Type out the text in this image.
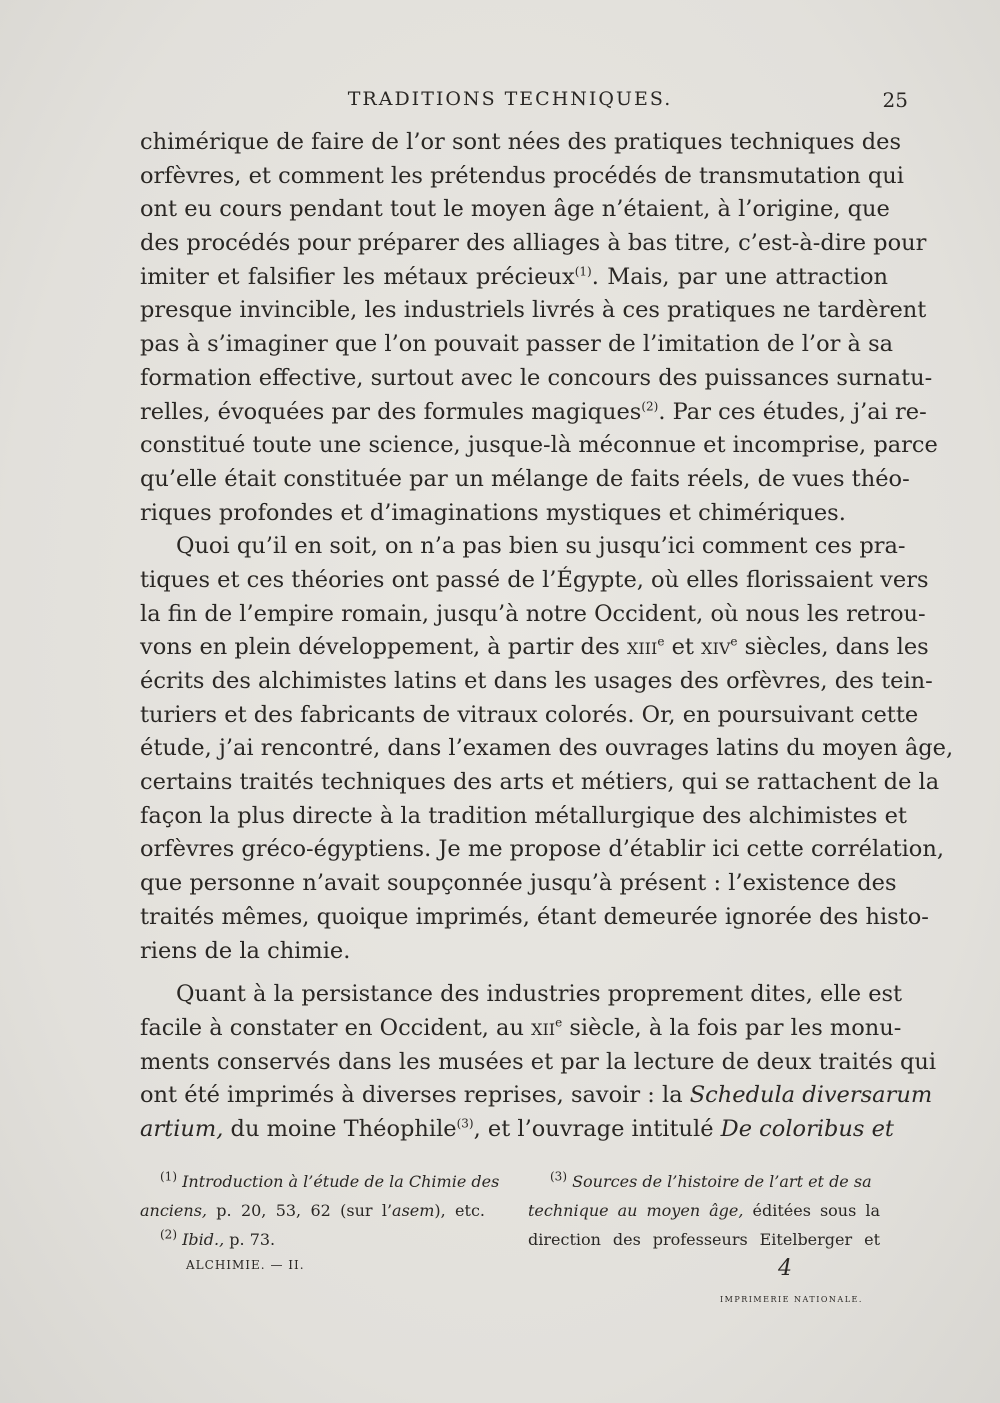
TRADITIONS TECHNIQUES.	25
chimérique de faire de l’or sont nées des pratiques techniques des
orfèvres, et comment les prétendus procédés de transmutation qui
ont eu cours pendant tout le moyen âge n’étaient, à l’origine, que
des procédés pour préparer des alliages à bas titre, c’est-à-dire pour
imiter et falsifier les métaux précieux$^{(1)}$. Mais, par une attraction
presque invincible, les industriels livrés à ces pratiques ne tardèrent
pas à s’imaginer que l’on pouvait passer de l’imitation de l’or à sa
formation effective, surtout avec le concours des puissances surnatu-
relles, évoquées par des formules magiques$^{(2)}$. Par ces études, j’ai re-
constitué toute une science, jusque-là méconnue et incomprise, parce
qu’elle était constituée par un mélange de faits réels, de vues théo-
riques profondes et d’imaginations mystiques et chimériques.
Quoi qu’il en soit, on n’a pas bien su jusqu’ici comment ces pra-
tiques et ces théories ont passé de l’Égypte, où elles florissaient vers
la fin de l’empire romain, jusqu’à notre Occident, où nous les retrou-
vons en plein développement, à partir des xiii$^e$ et xiv$^e$ siècles, dans les
écrits des alchimistes latins et dans les usages des orfèvres, des tein-
turiers et des fabricants de vitraux colorés. Or, en poursuivant cette
étude, j’ai rencontré, dans l’examen des ouvrages latins du moyen âge,
certains traités techniques des arts et métiers, qui se rattachent de la
façon la plus directe à la tradition métallurgique des alchimistes et
orfèvres gréco-égyptiens. Je me propose d’établir ici cette corrélation,
que personne n’avait soupçonnée jusqu’à présent : l’existence des
traités mêmes, quoique imprimés, étant demeurée ignorée des histo-
riens de la chimie.
Quant à la persistance des industries proprement dites, elle est
facile à constater en Occident, au xii$^e$ siècle, à la fois par les monu-
ments conservés dans les musées et par la lecture de deux traités qui
ont été imprimés à diverses reprises, savoir : la Schedula diversarum
artium, du moine Théophile$^{(3)}$, et l’ouvrage intitulé De coloribus et
$^{(1)}$ Introduction à l’étude de la Chimie des
anciens, p. 20, 53, 62 (sur l’asem), etc.
$^{(2)}$ Ibid., p. 73.
$^{(3)}$ Sources de l’histoire de l’art et de sa
technique au moyen âge, éditées sous la
direction des professeurs Eitelberger et
ALCHIMIE. — II.	4
IMPRIMERIE NATIONALE.
